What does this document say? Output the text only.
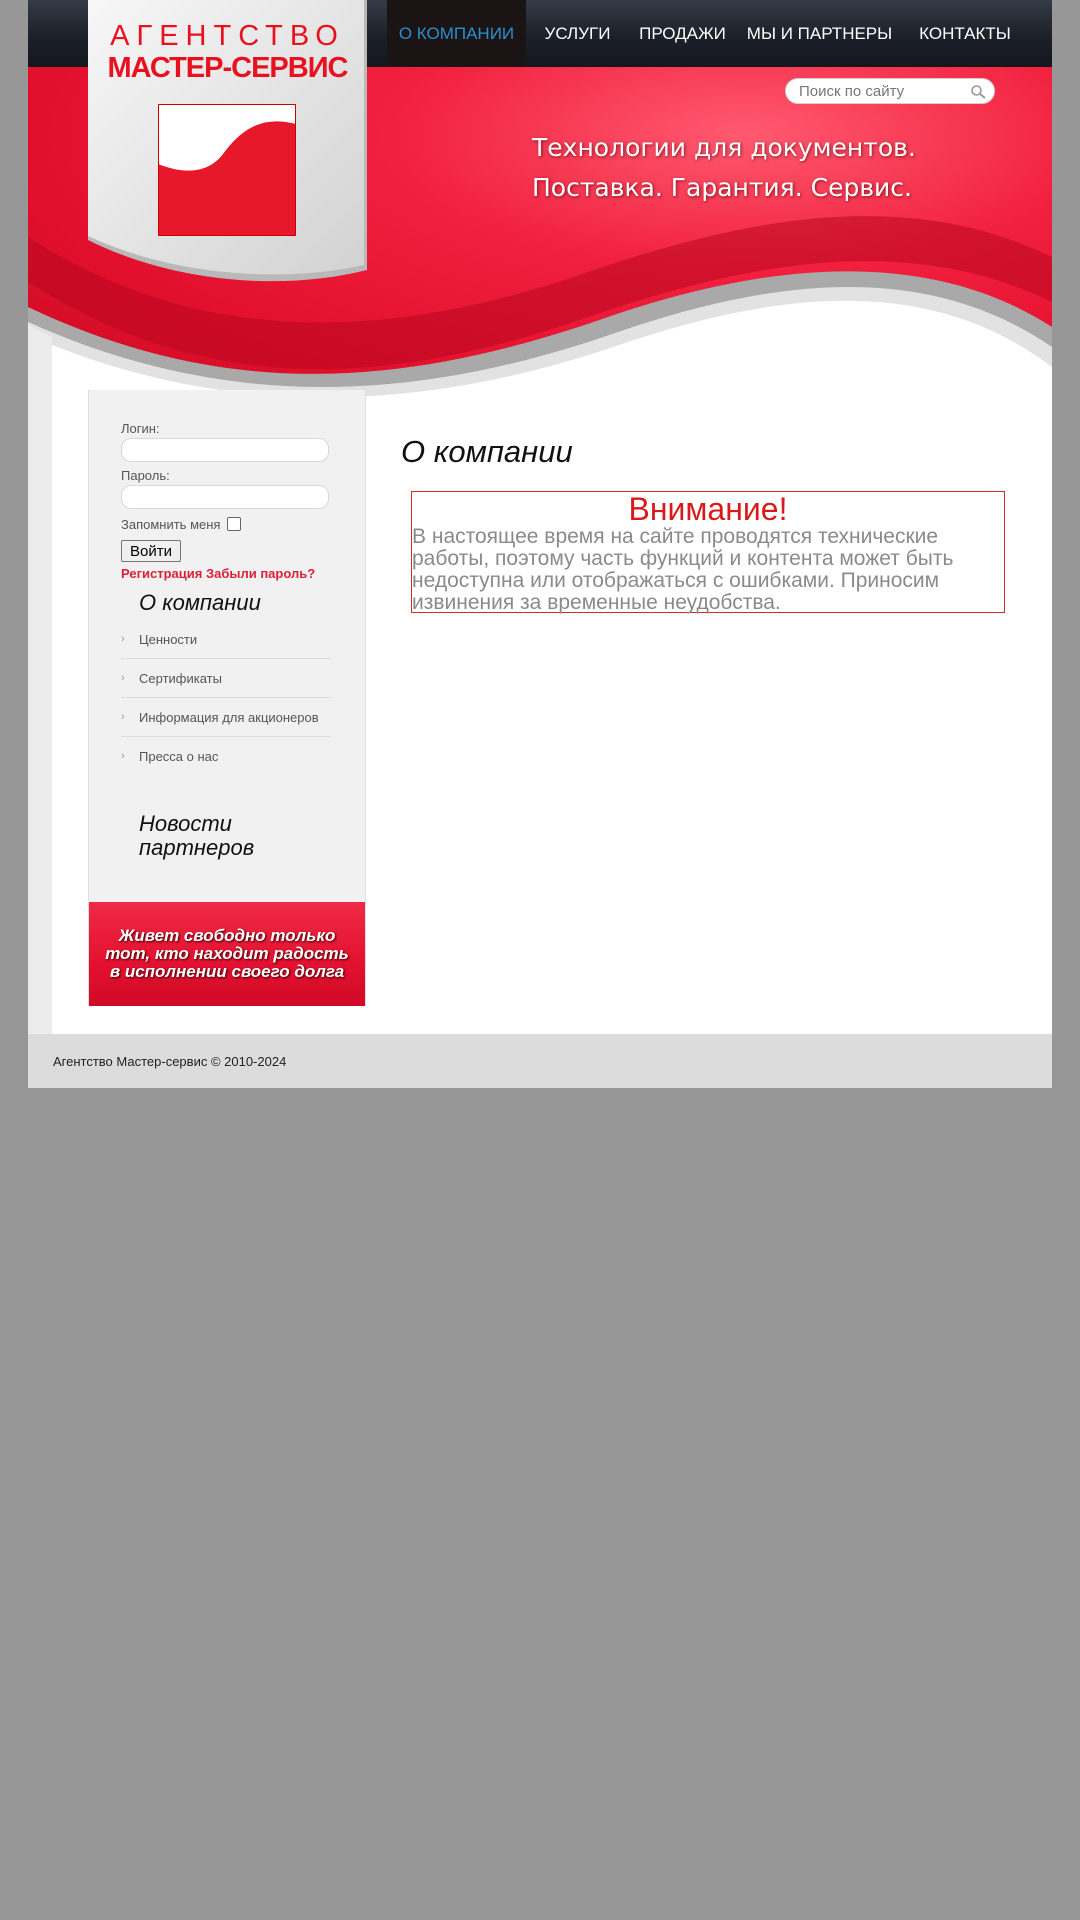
О КОМПАНИИ	УСЛУГИ	ПРОДАЖИ	МЫ И ПАРТНЕРЫ	КОНТАКТЫ
Технологии для документов.
Поставка. Гарантия. Сервис.
Поиск по сайту
АГЕНТСТВО
МАСТЕР-СЕРВИС
Логин:
Пароль:
Запомнить меня
Войти
Регистрация Забыли пароль?
О компании
›	Ценности
›	Сертификаты
›	Информация для акционеров
›	Пресса о нас
Новости партнеров
Живет свободно только тот, кто находит радость в исполнении своего долга
О компании
Внимание!
В настоящее время на сайте проводятся технические работы, поэтому часть функций и контента может быть недоступна или отображаться с ошибками. Приносим извинения за временные неудобства.
Агентство Мастер-сервис © 2010-2024
